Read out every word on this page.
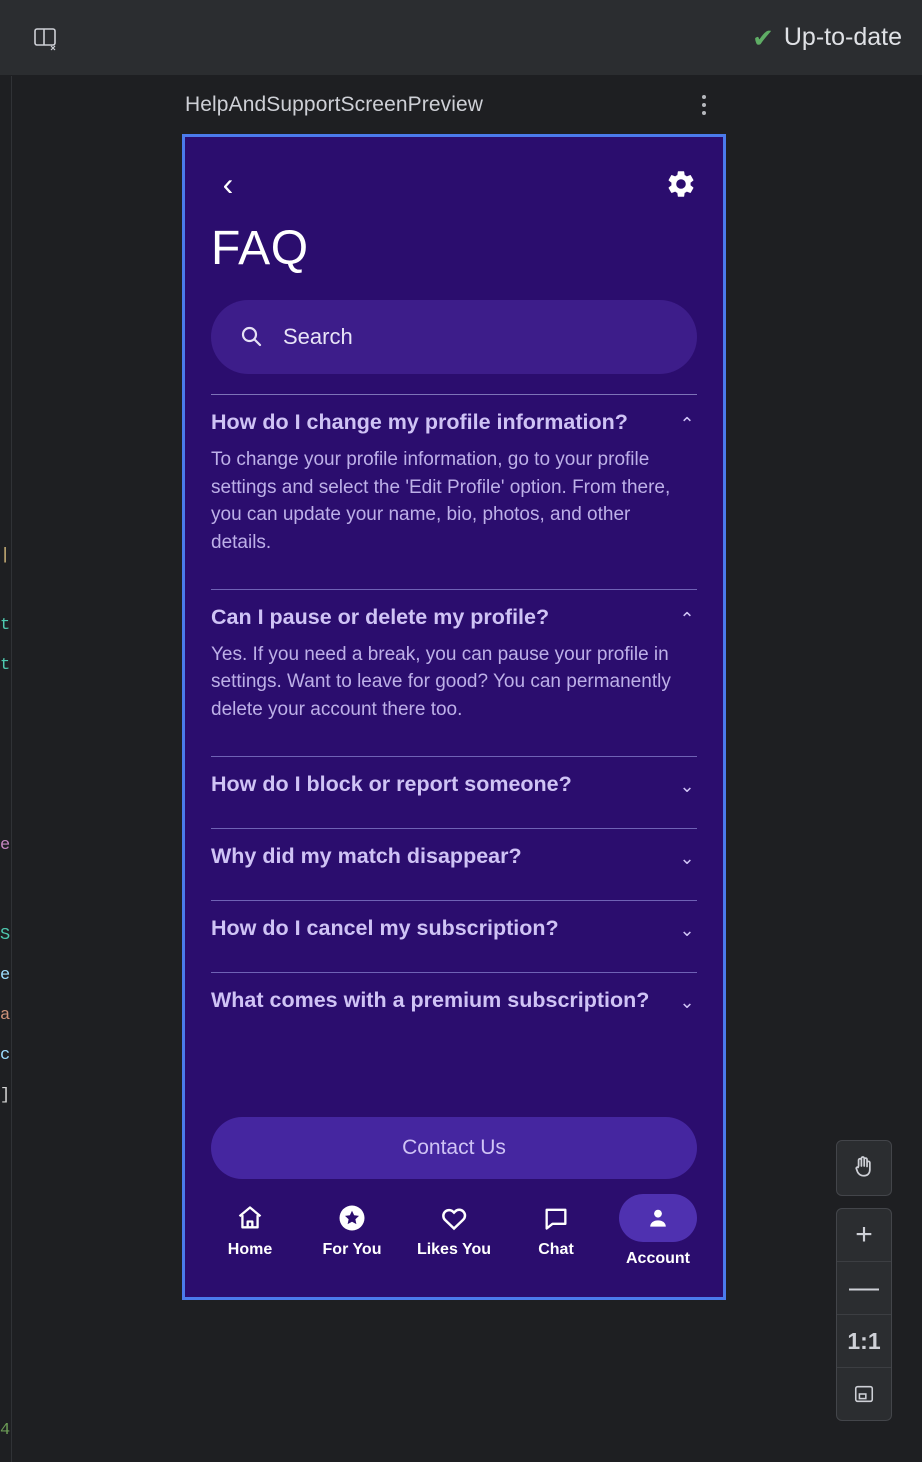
✔ Up-to-date
|
t
t
e
S
e
a
c
]
4
HelpAndSupportScreenPreview
‹
FAQ
Search
How do I change my profile information?	⌃
To change your profile information, go to your profile settings and select the 'Edit Profile' option. From there, you can update your name, bio, photos, and other details.
Can I pause or delete my profile?	⌃
Yes. If you need a break, you can pause your profile in settings. Want to leave for good? You can permanently delete your account there too.
How do I block or report someone?	⌄
Why did my match disappear?	⌄
How do I cancel my subscription?	⌄
What comes with a premium subscription? ⌄
Contact Us
Home	For You Likes You	Chat
Account
+
—
1:1
